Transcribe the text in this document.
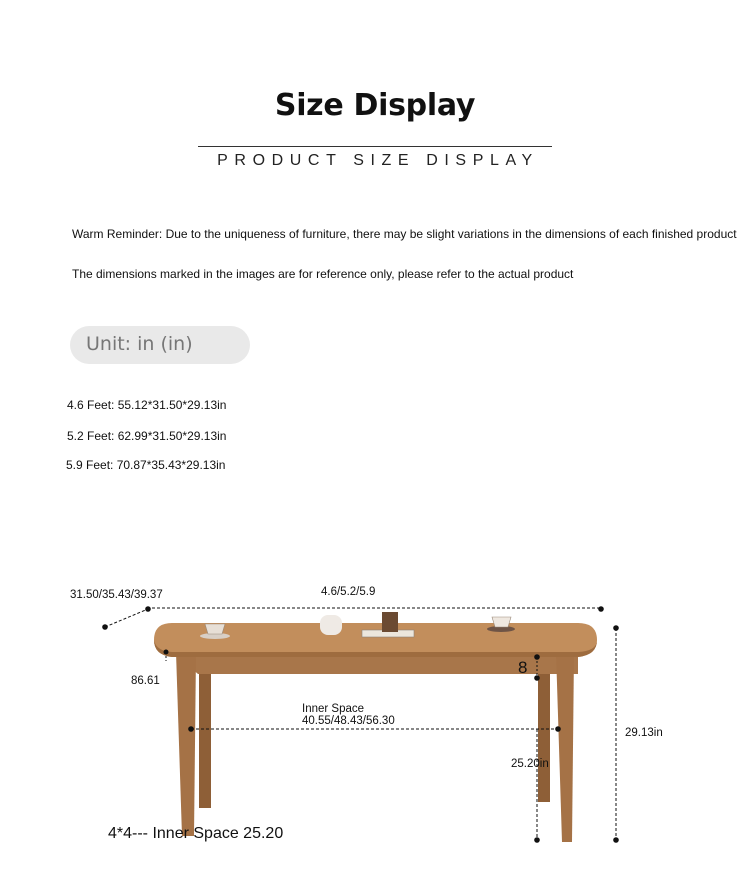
Size Display
PRODUCT SIZE DISPLAY
Warm Reminder: Due to the uniqueness of furniture, there may be slight variations in the dimensions of each finished product
The dimensions marked in the images are for reference only, please refer to the actual product
Unit: in (in)
4.6 Feet: 55.12*31.50*29.13in
5.2 Feet: 62.99*31.50*29.13in
5.9 Feet: 70.87*35.43*29.13in
31.50/35.43/39.37	4.6/5.2/5.9
86.61
8
Inner Space
40.55/48.43/56.30
29.13in
25.20in
4*4--- Inner Space 25.20
